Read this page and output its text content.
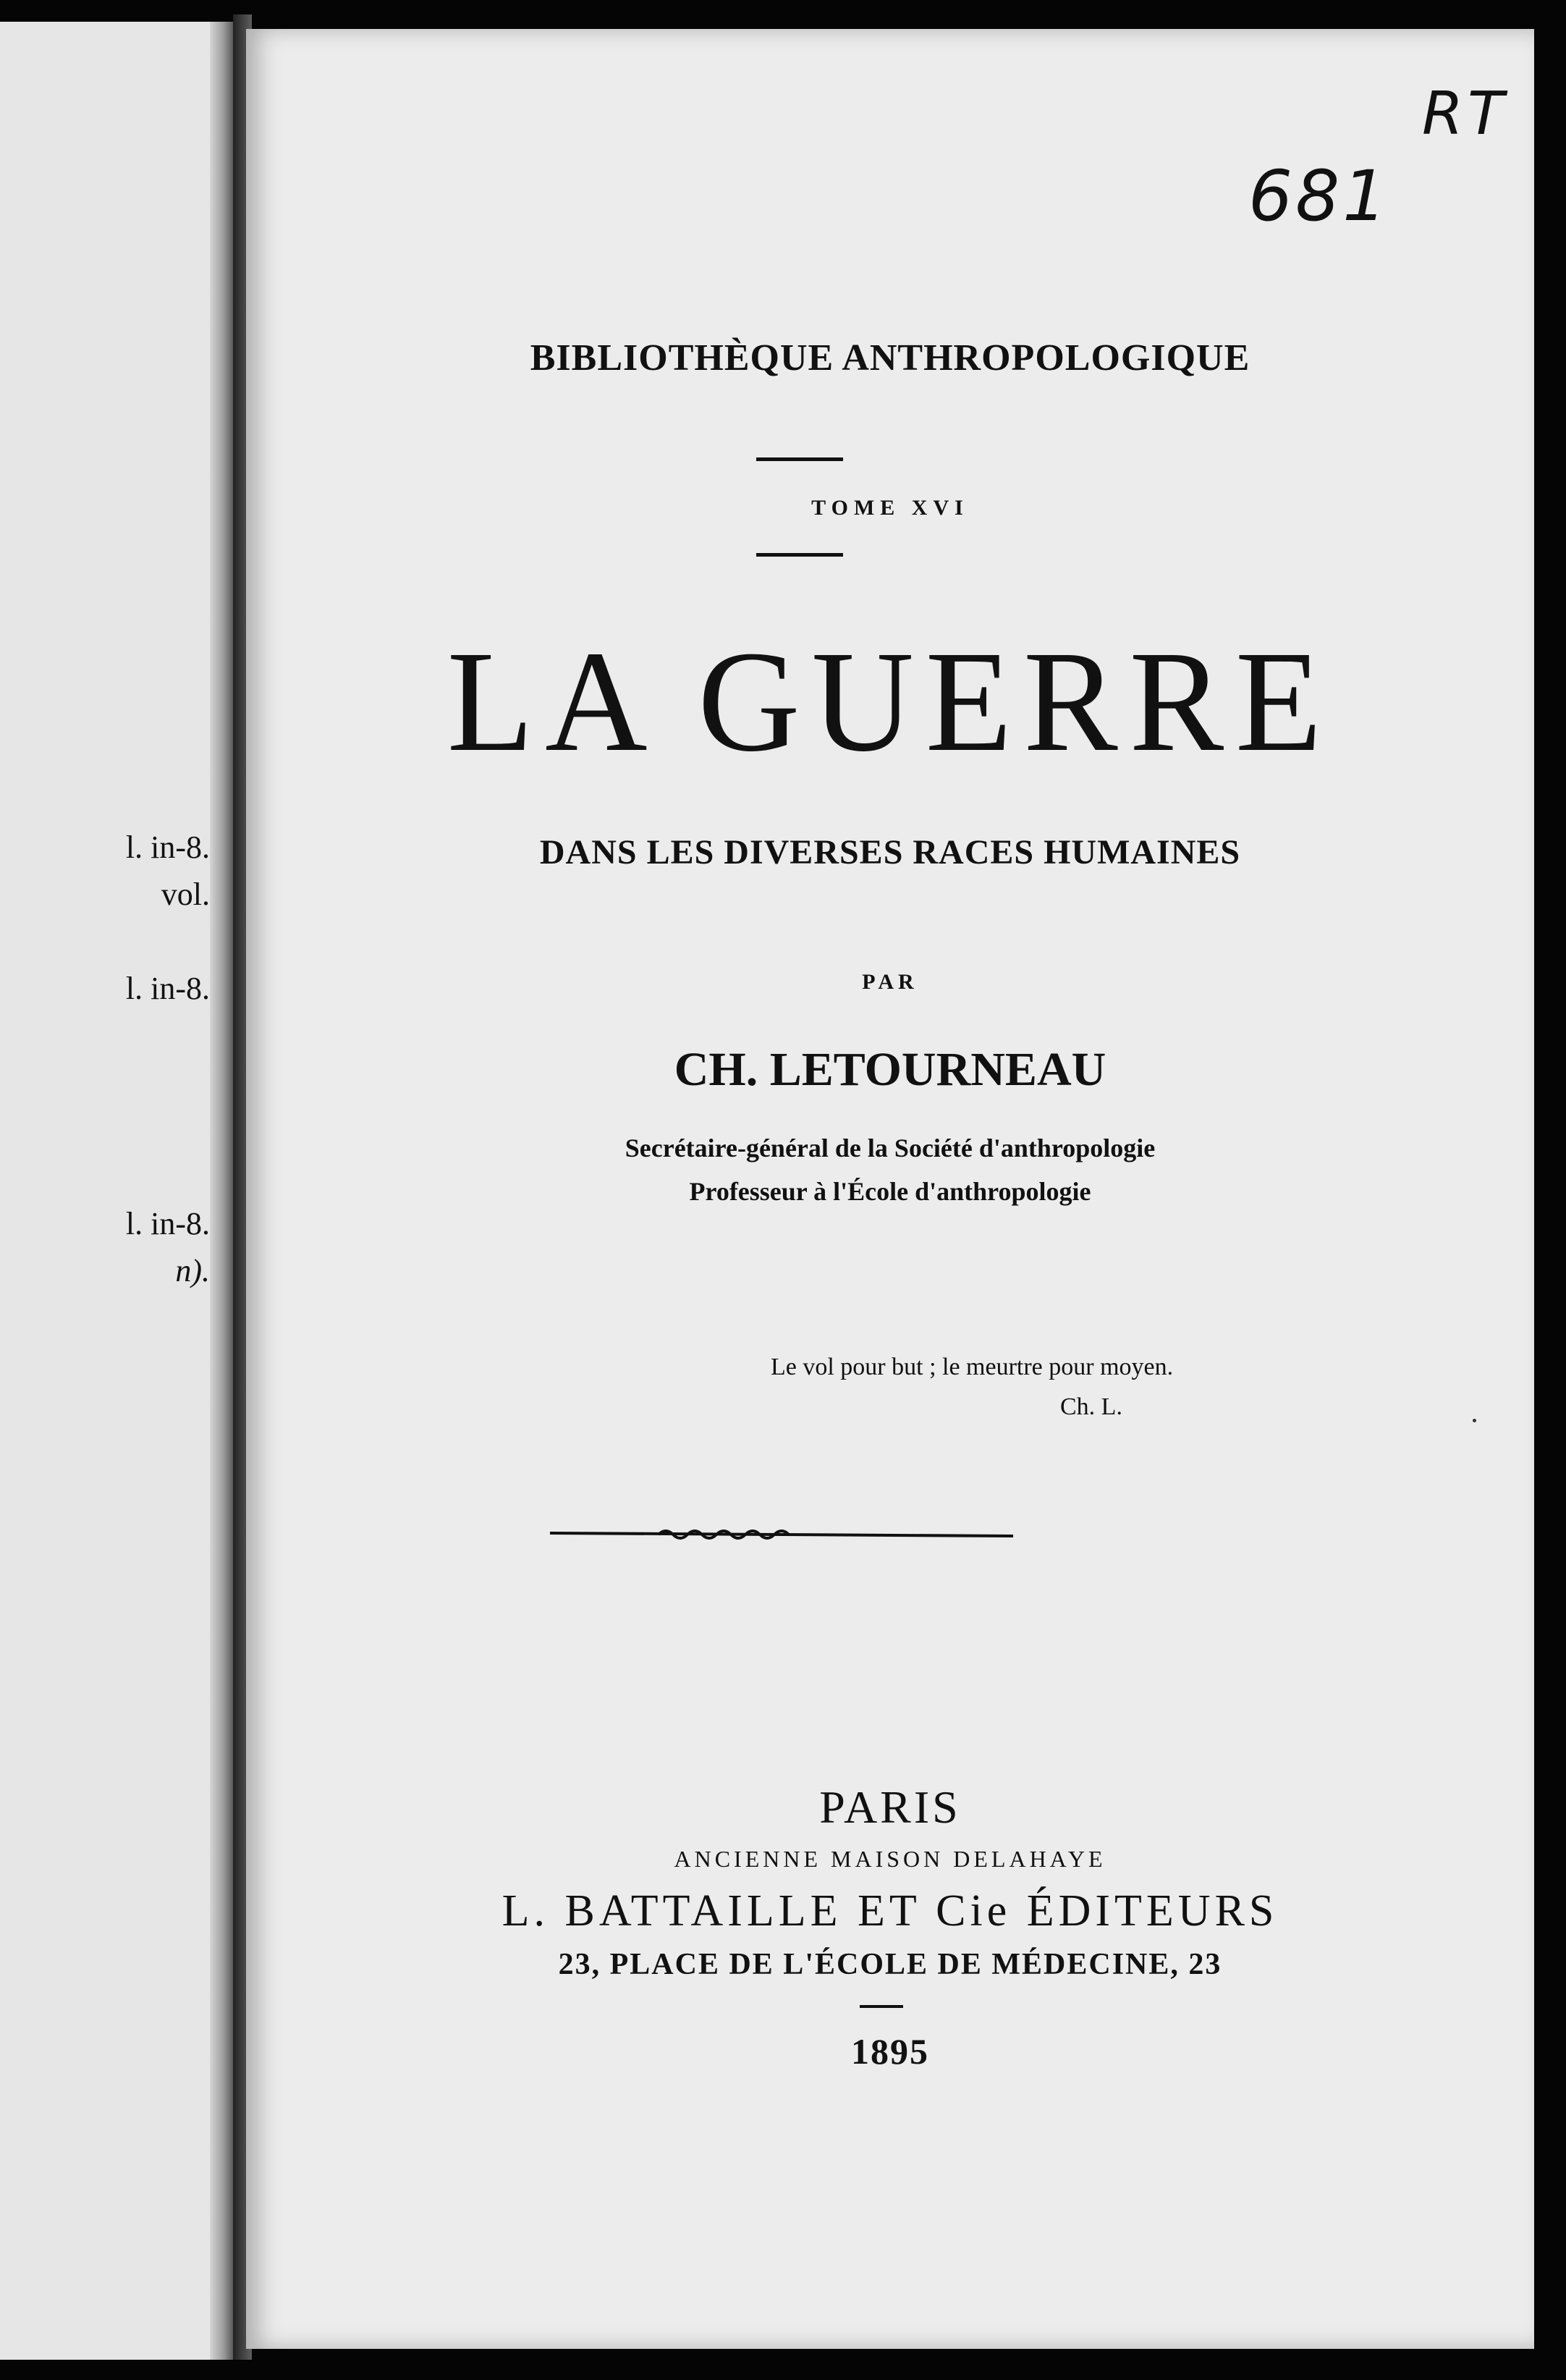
l. in-8.
vol.
l. in-8.
l. in-8.
n).
RT
681
BIBLIOTHÈQUE ANTHROPOLOGIQUE
TOME XVI
LA GUERRE
DANS LES DIVERSES RACES HUMAINES
PAR
CH. LETOURNEAU
Secrétaire-général de la Société d'anthropologie
Professeur à l'École d'anthropologie
Le vol pour but ; le meurtre pour moyen.
Ch. L.
PARIS
ANCIENNE MAISON DELAHAYE
L. BATTAILLE ET Cie ÉDITEURS
23, PLACE DE L'ÉCOLE DE MÉDECINE, 23
1895
